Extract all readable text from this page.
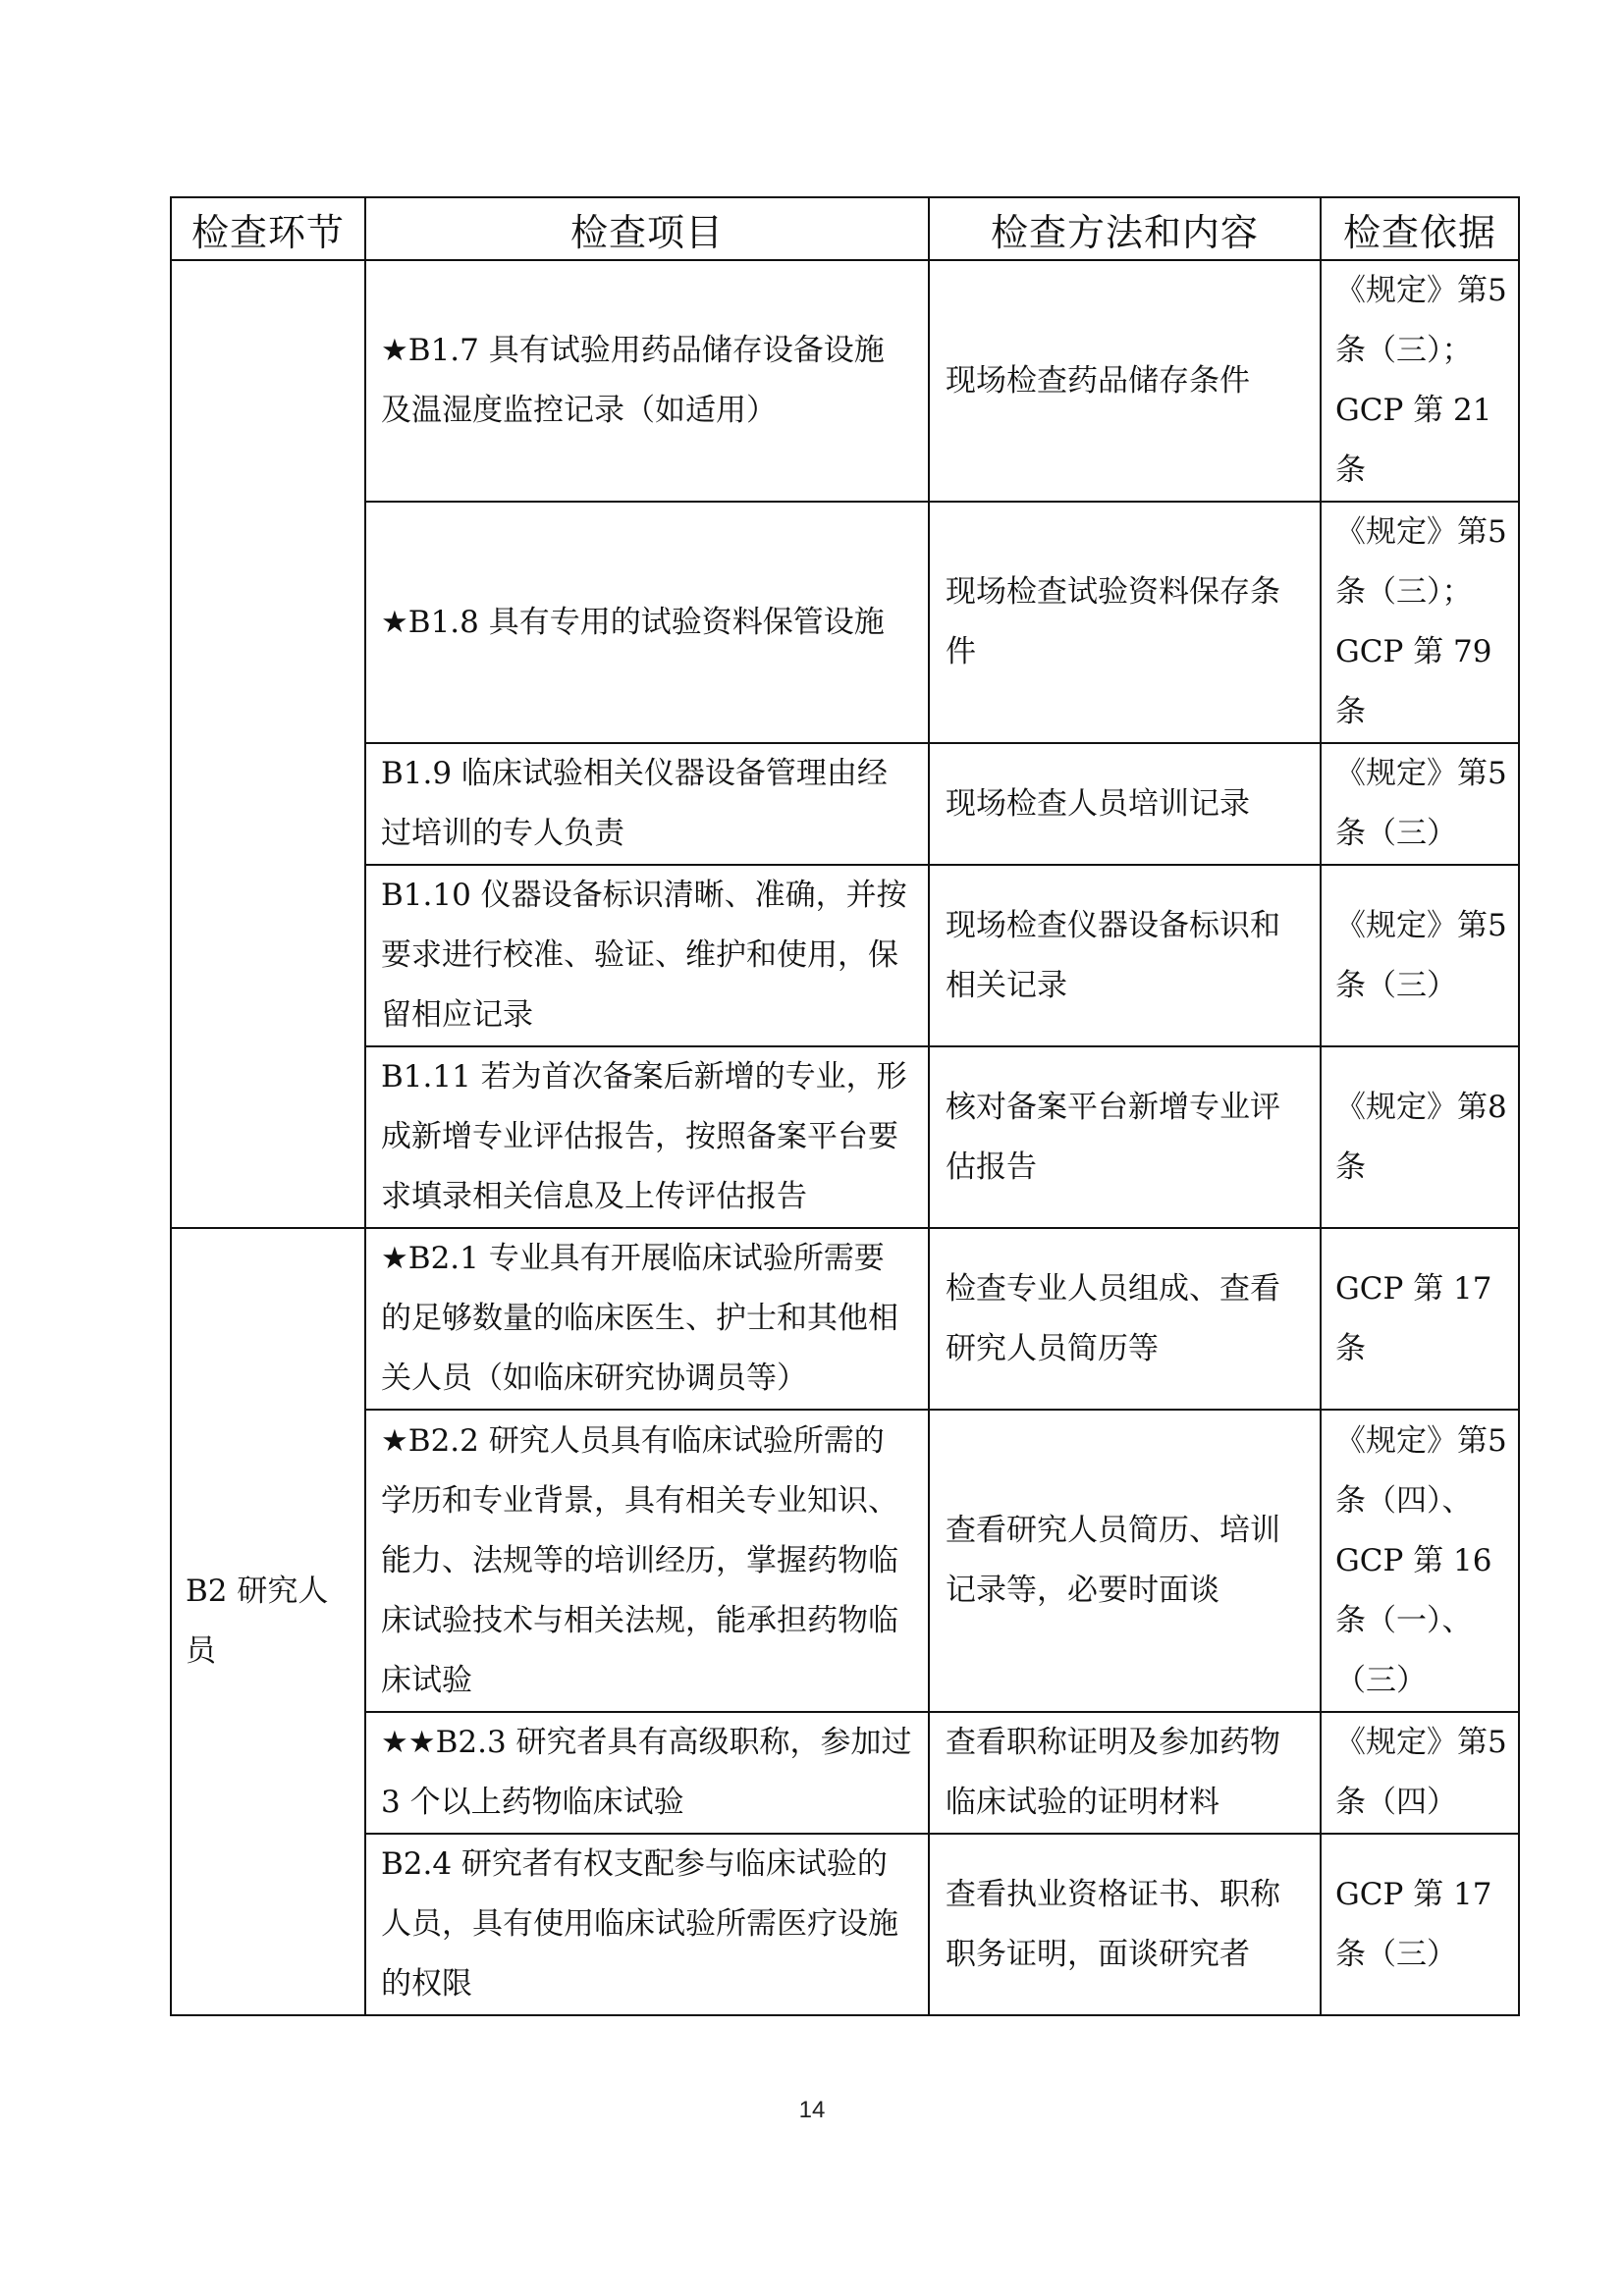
检查环节	检查项目	检查方法和内容	检查依据
	★B1.7 具有试验用药品储存设备设施及温湿度监控记录（如适用）	现场检查药品储存条件	《规定》第5条（三）；GCP 第 21 条
	★B1.8 具有专用的试验资料保管设施	现场检查试验资料保存条件	《规定》第5条（三）；GCP 第 79 条
	B1.9 临床试验相关仪器设备管理由经过培训的专人负责	现场检查人员培训记录	《规定》第5条（三）
	B1.10 仪器设备标识清晰、准确，并按要求进行校准、验证、维护和使用，保留相应记录	现场检查仪器设备标识和相关记录	《规定》第5条（三）
	B1.11 若为首次备案后新增的专业，形成新增专业评估报告，按照备案平台要求填录相关信息及上传评估报告	核对备案平台新增专业评估报告	《规定》第8条
B2 研究人员	★B2.1 专业具有开展临床试验所需要的足够数量的临床医生、护士和其他相关人员（如临床研究协调员等）	检查专业人员组成、查看研究人员简历等	GCP 第 17 条
	★B2.2 研究人员具有临床试验所需的学历和专业背景，具有相关专业知识、能力、法规等的培训经历，掌握药物临床试验技术与相关法规，能承担药物临床试验	查看研究人员简历、培训记录等，必要时面谈	《规定》第5条（四）、GCP 第 16 条（一）、（三）
	★★B2.3 研究者具有高级职称，参加过 3 个以上药物临床试验	查看职称证明及参加药物临床试验的证明材料	《规定》第5条（四）
	B2.4 研究者有权支配参与临床试验的人员，具有使用临床试验所需医疗设施的权限	查看执业资格证书、职称职务证明，面谈研究者	GCP 第 17 条（三）
14
